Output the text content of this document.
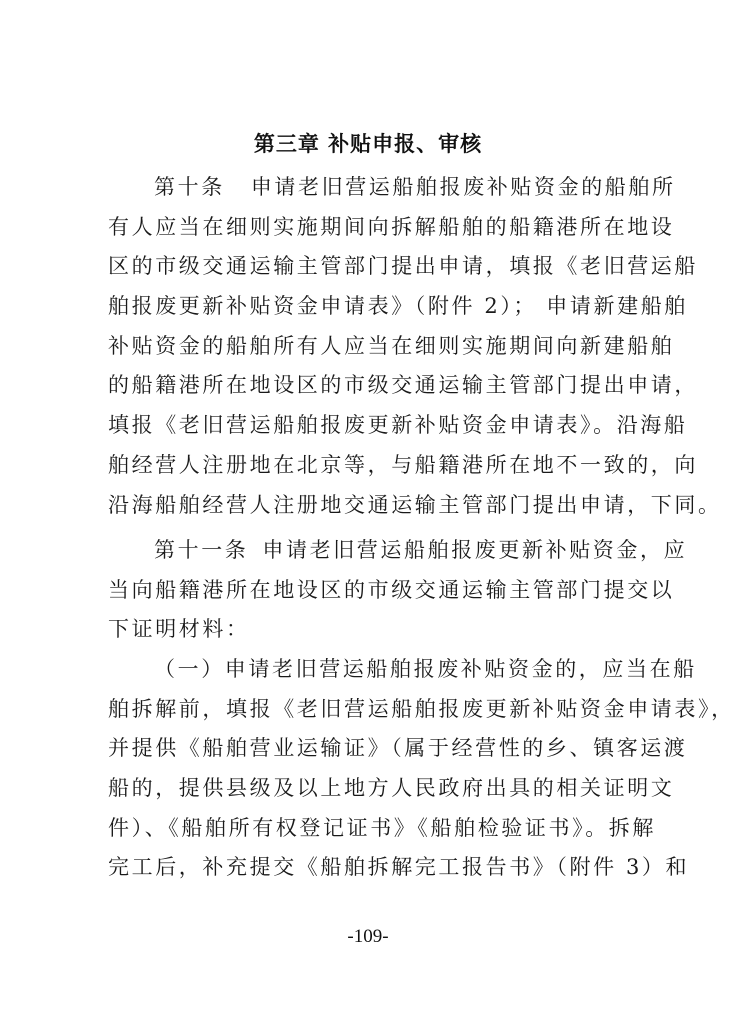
第三章 补贴申报、审核
第十条 申请老旧营运船舶报废补贴资金的船舶所
有人应当在细则实施期间向拆解船舶的船籍港所在地设
区的市级交通运输主管部门提出申请，填报《老旧营运船
舶报废更新补贴资金申请表》（附件 2）； 申请新建船舶
补贴资金的船舶所有人应当在细则实施期间向新建船舶
的船籍港所在地设区的市级交通运输主管部门提出申请，
填报《老旧营运船舶报废更新补贴资金申请表》。沿海船
舶经营人注册地在北京等，与船籍港所在地不一致的，向
沿海船舶经营人注册地交通运输主管部门提出申请，下同。
第十一条 申请老旧营运船舶报废更新补贴资金，应
当向船籍港所在地设区的市级交通运输主管部门提交以
下证明材料：
（一）申请老旧营运船舶报废补贴资金的，应当在船
舶拆解前，填报《老旧营运船舶报废更新补贴资金申请表》，
并提供《船舶营业运输证》（属于经营性的乡、镇客运渡
船的，提供县级及以上地方人民政府出具的相关证明文
件）、《船舶所有权登记证书》《船舶检验证书》。拆解
完工后，补充提交《船舶拆解完工报告书》（附件 3）和
-109-
